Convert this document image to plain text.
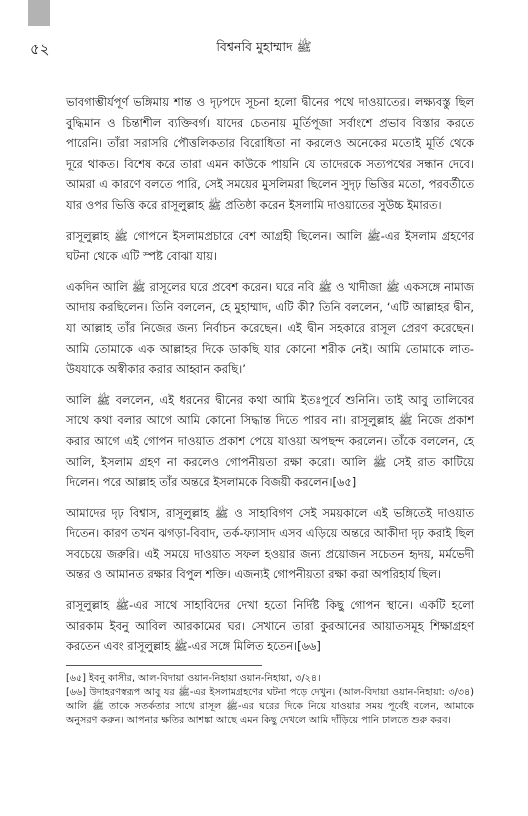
৫২	বিশ্বনবি মুহাম্মাদ ﷺ

ভাবগাম্ভীর্যপূর্ণ ভঙ্গিমায় শান্ত ও দৃঢ়পদে সূচনা হলো দ্বীনের পথে দাওয়াতের। লক্ষ্যবস্তু ছিল বুদ্ধিমান ও চিন্তাশীল ব্যক্তিবর্গ। যাদের চেতনায় মূর্তিপূজা সর্বাংশে প্রভাব বিস্তার করতে পারেনি। তাঁরা সরাসরি পৌত্তলিকতার বিরোধিতা না করলেও অনেকের মতোই মূর্তি থেকে দূরে থাকত। বিশেষ করে তারা এমন কাউকে পায়নি যে তাদেরকে সত্যপথের সন্ধান দেবে। আমরা এ কারণে বলতে পারি, সেই সময়ের মুসলিমরা ছিলেন সুদৃঢ় ভিত্তির মতো, পরবর্তীতে যার ওপর ভিত্তি করে রাসূলুল্লাহ ﷺ প্রতিষ্ঠা করেন ইসলামি দাওয়াতের সুউচ্চ ইমারত।

রাসূলুল্লাহ ﷺ গোপনে ইসলামপ্রচারে বেশ আগ্রহী ছিলেন। আলি ﷺ-এর ইসলাম গ্রহণের ঘটনা থেকে এটি স্পষ্ট বোঝা যায়।

একদিন আলি ﷺ রাসূলের ঘরে প্রবেশ করেন। ঘরে নবি ﷺ ও খাদীজা ﷺ একসঙ্গে নামাজ আদায় করছিলেন। তিনি বললেন, হে মুহাম্মাদ, এটি কী? তিনি বললেন, ‘এটি আল্লাহর দ্বীন, যা আল্লাহ তাঁর নিজের জন্য নির্বাচন করেছেন। এই দ্বীন সহকারে রাসূল প্রেরণ করেছেন। আমি তোমাকে এক আল্লাহর দিকে ডাকছি যার কোনো শরীক নেই। আমি তোমাকে লাত-উযযাকে অস্বীকার করার আহ্বান করছি।’

আলি ﷺ বললেন, এই ধরনের দ্বীনের কথা আমি ইতঃপূর্বে শুনিনি। তাই আবু তালিবের সাথে কথা বলার আগে আমি কোনো সিদ্ধান্ত দিতে পারব না। রাসূলুল্লাহ ﷺ নিজে প্রকাশ করার আগে এই গোপন দাওয়াত প্রকাশ পেয়ে যাওয়া অপছন্দ করলেন। তাঁকে বললেন, হে আলি, ইসলাম গ্রহণ না করলেও গোপনীয়তা রক্ষা করো। আলি ﷺ সেই রাত কাটিয়ে দিলেন। পরে আল্লাহ তাঁর অন্তরে ইসলামকে বিজয়ী করলেন।[৬৫]

আমাদের দৃঢ় বিশ্বাস, রাসূলুল্লাহ ﷺ ও সাহাবিগণ সেই সময়কালে এই ভঙ্গিতেই দাওয়াত দিতেন। কারণ তখন ঝগড়া-বিবাদ, তর্ক-ফ্যাসাদ এসব এড়িয়ে অন্তরে আকীদা দৃঢ় করাই ছিল সবচেয়ে জরুরি। এই সময়ে দাওয়াত সফল হওয়ার জন্য প্রয়োজন সচেতন হৃদয়, মর্মভেদী অন্তর ও আমানত রক্ষার বিপুল শক্তি। এজন্যই গোপনীয়তা রক্ষা করা অপরিহার্য ছিল।

রাসূলুল্লাহ ﷺ-এর সাথে সাহাবিদের দেখা হতো নির্দিষ্ট কিছু গোপন স্থানে। একটি হলো আরকাম ইবনু আবিল আরকামের ঘর। সেখানে তারা কুরআনের আয়াতসমূহ শিক্ষাগ্রহণ করতেন এবং রাসূলুল্লাহ ﷺ-এর সঙ্গে মিলিত হতেন।[৬৬]

[৬৫] ইবনু কাসীর, আল-বিদায়া ওয়ান-নিহায়া ওয়ান-নিহায়া, ৩/২৪।

[৬৬] উদাহরণস্বরূপ আবু যর ﷺ-এর ইসলামগ্রহণের ঘটনা পড়ে দেখুন। (আল-বিদায়া ওয়ান-নিহায়া: ৩/৩৪) আলি ﷺ তাকে সতর্কতার সাথে রাসূল ﷺ-এর ঘরের দিকে নিয়ে যাওয়ার সময় পূর্বেই বলেন, আমাকে অনুসরণ করুন। আপনার ক্ষতির আশঙ্কা আছে এমন কিছু দেখলে আমি দাঁড়িয়ে পানি ঢালতে শুরু করব।
